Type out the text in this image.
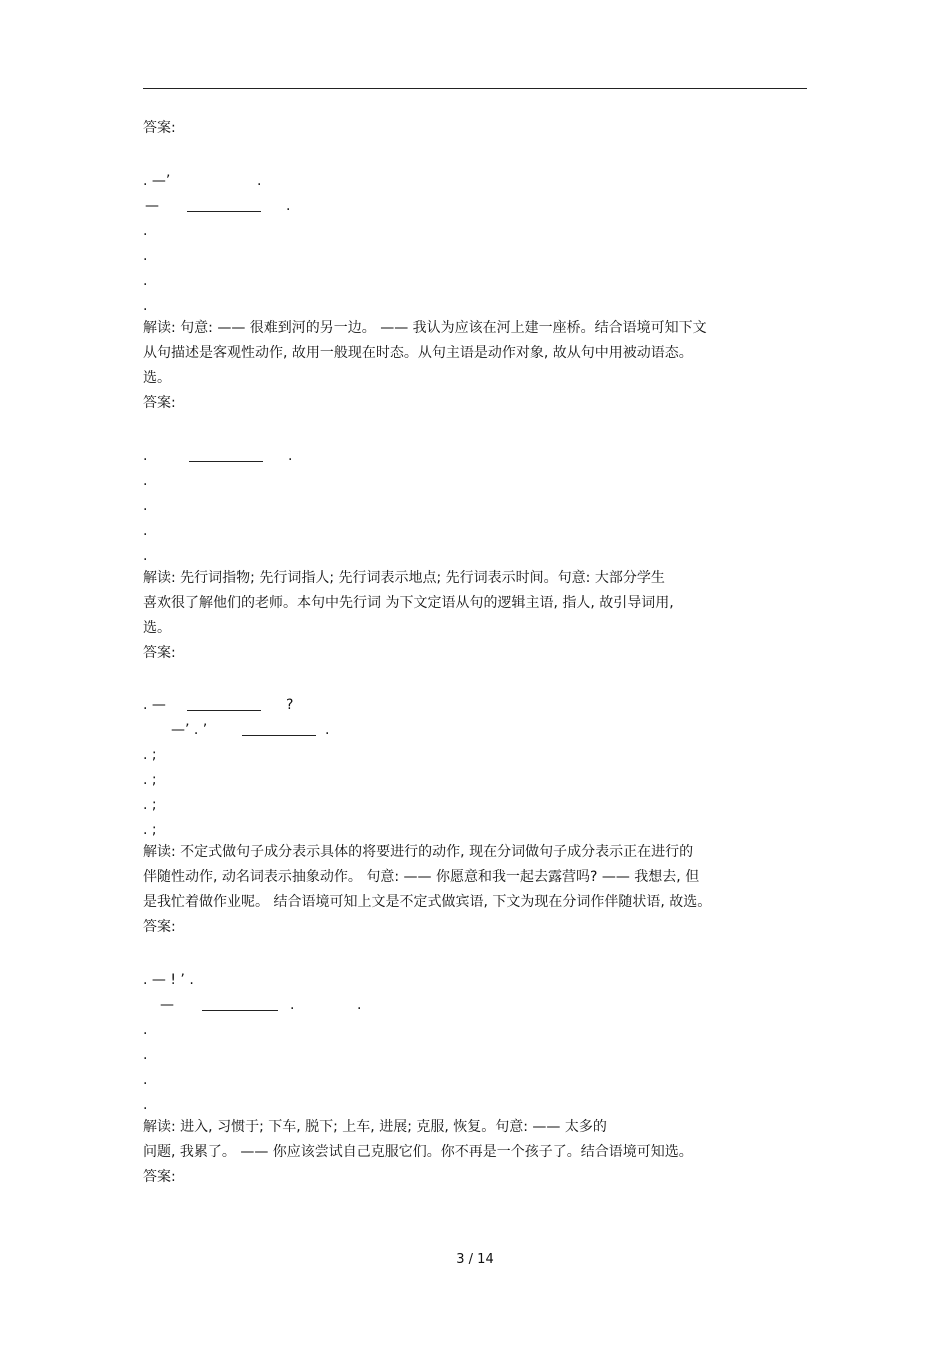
答案:
. —’	.
—	.
.
.
.
.
解读: 句意: —— 很难到河的另一边。 —— 我认为应该在河上建一座桥。结合语境可知下文
从句描述是客观性动作, 故用一般现在时态。从句主语是动作对象, 故从句中用被动语态。
选。
答案:
.	.
.
.
.
.
解读: 先行词指物; 先行词指人; 先行词表示地点; 先行词表示时间。句意: 大部分学生
喜欢很了解他们的老师。本句中先行词 为下文定语从句的逻辑主语, 指人, 故引导词用,
选。
答案:
. —	?
—’ . ’	.
. ;
. ;
. ;
. ;
解读: 不定式做句子成分表示具体的将要进行的动作, 现在分词做句子成分表示正在进行的
伴随性动作, 动名词表示抽象动作。 句意: —— 你愿意和我一起去露营吗? —— 我想去, 但
是我忙着做作业呢。 结合语境可知上文是不定式做宾语, 下文为现在分词作伴随状语, 故选。
答案:
. — ! ’ .
—	.	.
.
.
.
.
解读: 进入, 习惯于; 下车, 脱下; 上车, 进展; 克服, 恢复。句意: —— 太多的
问题, 我累了。 —— 你应该尝试自己克服它们。你不再是一个孩子了。结合语境可知选。
答案:
3 / 14
